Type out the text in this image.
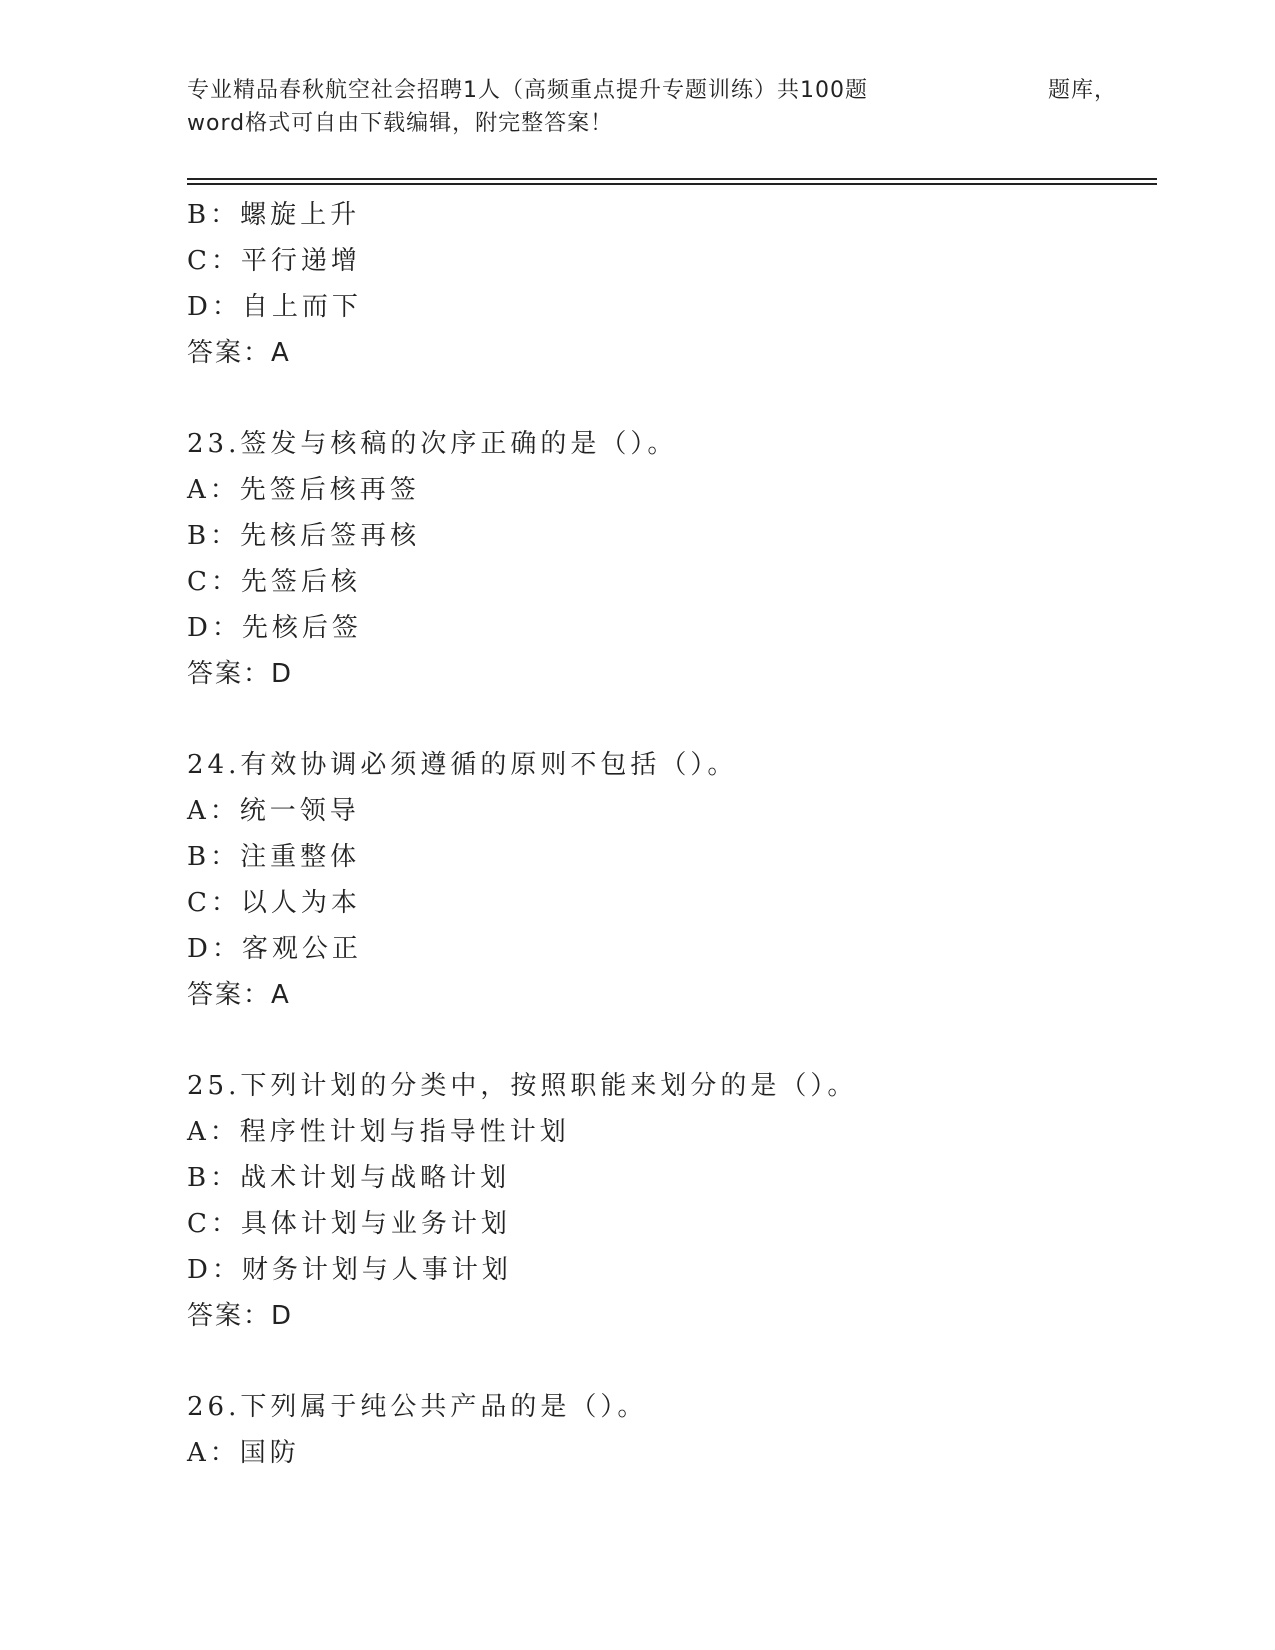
专业精品春秋航空社会招聘1人（高频重点提升专题训练）共100题	题库，
word格式可自由下载编辑，附完整答案！
B：螺旋上升
C：平行递增
D：自上而下
答案：A
23.签发与核稿的次序正确的是（）。
A：先签后核再签
B：先核后签再核
C：先签后核
D：先核后签
答案：D
24.有效协调必须遵循的原则不包括（）。
A：统一领导
B：注重整体
C：以人为本
D：客观公正
答案：A
25.下列计划的分类中，按照职能来划分的是（）。
A：程序性计划与指导性计划
B：战术计划与战略计划
C：具体计划与业务计划
D：财务计划与人事计划
答案：D
26.下列属于纯公共产品的是（）。
A：国防
